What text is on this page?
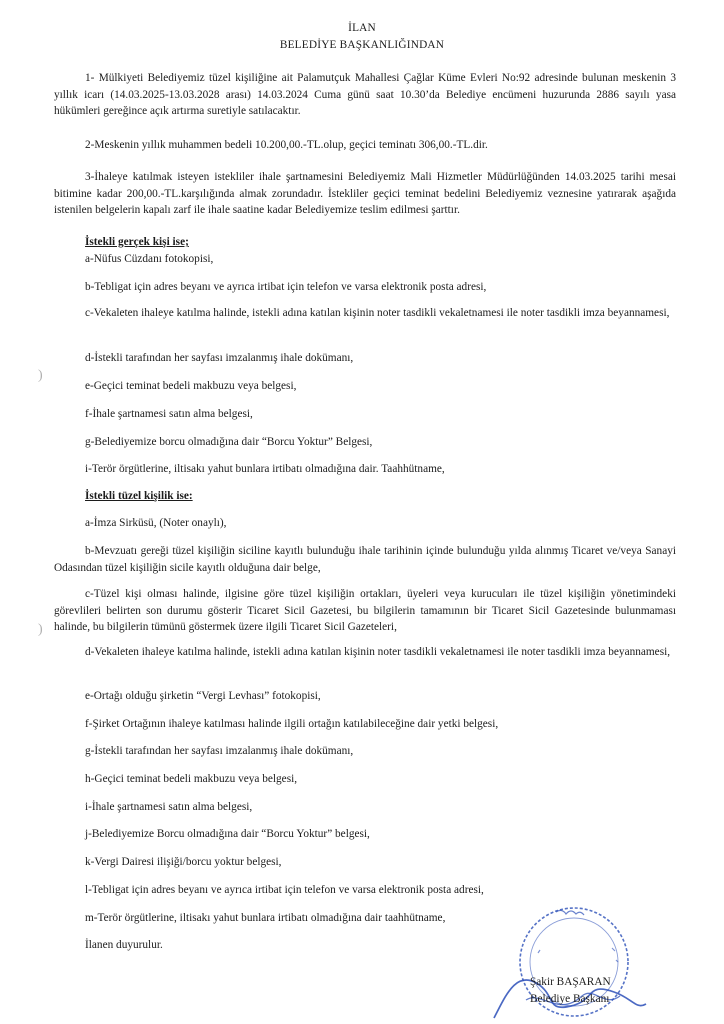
İLAN
BELEDİYE BAŞKANLIĞINDAN
1- Mülkiyeti Belediyemiz tüzel kişiliğine ait Palamutçuk Mahallesi Çağlar Küme Evleri No:92 adresinde bulunan meskenin 3 yıllık icarı (14.03.2025-13.03.2028 arası) 14.03.2024 Cuma günü saat 10.30’da Belediye encümeni huzurunda 2886 sayılı yasa hükümleri gereğince açık artırma suretiyle satılacaktır.
2-Meskenin yıllık muhammen bedeli 10.200,00.-TL.olup, geçici teminatı 306,00.-TL.dir.
3-İhaleye katılmak isteyen istekliler ihale şartnamesini Belediyemiz Mali Hizmetler Müdürlüğünden 14.03.2025 tarihi mesai bitimine kadar 200,00.-TL.karşılığında almak zorundadır. İstekliler geçici teminat bedelini Belediyemiz veznesine yatırarak aşağıda istenilen belgelerin kapalı zarf ile ihale saatine kadar Belediyemize teslim edilmesi şarttır.
İstekli gerçek kişi ise;
a-Nüfus Cüzdanı fotokopisi,
b-Tebligat için adres beyanı ve ayrıca irtibat için telefon ve varsa elektronik posta adresi,
c-Vekaleten ihaleye katılma halinde, istekli adına katılan kişinin noter tasdikli vekaletnamesi ile noter tasdikli imza beyannamesi,
d-İstekli tarafından her sayfası imzalanmış ihale dokümanı,
e-Geçici teminat bedeli makbuzu veya belgesi,
f-İhale şartnamesi satın alma belgesi,
g-Belediyemize borcu olmadığına dair “Borcu Yoktur” Belgesi,
i-Terör örgütlerine, iltisakı yahut bunlara irtibatı olmadığına dair. Taahhütname,
İstekli tüzel kişilik ise:
a-İmza Sirküsü, (Noter onaylı),
b-Mevzuatı gereği tüzel kişiliğin siciline kayıtlı bulunduğu ihale tarihinin içinde bulunduğu yılda alınmış Ticaret ve/veya Sanayi Odasından tüzel kişiliğin sicile kayıtlı olduğuna dair belge,
c-Tüzel kişi olması halinde, ilgisine göre tüzel kişiliğin ortakları, üyeleri veya kurucuları ile tüzel kişiliğin yönetimindeki görevlileri belirten son durumu gösterir Ticaret Sicil Gazetesi, bu bilgilerin tamamının bir Ticaret Sicil Gazetesinde bulunmaması halinde, bu bilgilerin tümünü göstermek üzere ilgili Ticaret Sicil Gazeteleri,
d-Vekaleten ihaleye katılma halinde, istekli adına katılan kişinin noter tasdikli vekaletnamesi ile noter tasdikli imza beyannamesi,
e-Ortağı olduğu şirketin “Vergi Levhası” fotokopisi,
f-Şirket Ortağının ihaleye katılması halinde ilgili ortağın katılabileceğine dair yetki belgesi,
g-İstekli tarafından her sayfası imzalanmış ihale dokümanı,
h-Geçici teminat bedeli makbuzu veya belgesi,
i-İhale şartnamesi satın alma belgesi,
j-Belediyemize Borcu olmadığına dair “Borcu Yoktur” belgesi,
k-Vergi Dairesi ilişiği/borcu yoktur belgesi,
l-Tebligat için adres beyanı ve ayrıca irtibat için telefon ve varsa elektronik posta adresi,
m-Terör örgütlerine, iltisakı yahut bunlara irtibatı olmadığına dair taahhütname,
İlanen duyurulur.
)
)
Şakir BAŞARAN
Belediye Başkanı
